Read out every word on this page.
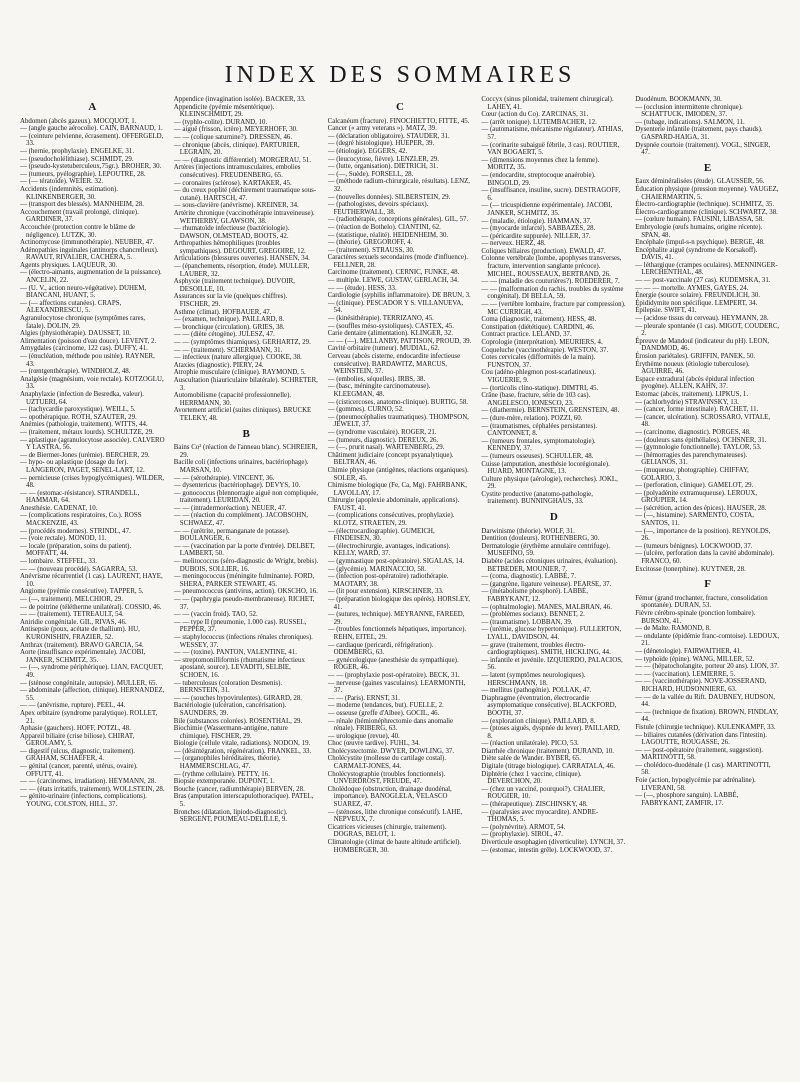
INDEX DES SOMMAIRES
A

Abdomen (abcès gazeux). MOCQUOT, 1.

— (angle gauche aérocolie). CAIN, BARNAUD, 1.

— (ceinture pelvienne, écrasement). OFFERGELD, 33.

— (hernie, prophylaxie). ENGELKE, 31.

— (pseudocholélithiase). SCHMIDT, 29.

— (pseudo-kystetuberculeux,75gr.). BROHER, 30.

— (tumeurs, pyélographie). LEPOUTRE, 28.

— (— tératoïde). WEIER. 32.

Accidents (indemnités, estimation). KLINKENBERGER, 30.

— (transport des blessés). MANNHEIM, 28.

Accouchement (travail prolongé, clinique). GARDINER, 37.

Accouchée (protection contre le blâme de négligence). LUTZK, 30.

Actinomycose (immunothérapie). NEUBER, 47.

Adénopathies inguinales (antinorps chancrelleux). RAVAUT, RIVALIER, CACHERA, 5.

Agents physiques. LAQUEUR, 30.

— (électro-aimants, augmentation de la puissance). ANCELIN, 22.

— (U. V., action neuro-végétative). DUHEM, BIANCANI, HUANT, 5.

— (— affections cutanées). CRAPS, ALEXANDRESCU, 5.

Agranulocytose chronique (symptômes rares, fatale). DOLIN, 29.

Algies (physiothérapie). DAUSSET, 10.

Alimentation (poisson d'eau douce). LEVENT, 2.

Amygdales (carcinome, 122 cas). DUFFY, 41.

— (énucléation, méthode pou usitée). RAYNER, 43.

— (rœntgenthérapie). WINDHOLZ, 48.

Analgésie (magnésium, voie rectale). KOTZOGLU, 33.

Anaphylaxie (infection de Besredka, valeur). UZTUERI, 64.

— (tachycardie paroxystique). WEILL, 5.

— opothérapique. ROTH, SZAUTER, 29.

Anémies (pathologie, traitement). WITTS, 44.

— (traitement, métaux lourds). SCHULTZE, 29.

— aplastique (agranulocytose associée). CALVERO Y LASTRA, 56.

— de Biermer-Jones (urémie). BERCHER, 29.

— hypo- ou aplastique (dosage du fer). LANGERON, PAGET, SENEL-LART, 12.

— pernicieuse (crises hypoglycémiques). WILDER, 48.

— — (estomac-résistance). STRANDELL, HAMMAR, 64.

Anesthésie. CADENAT, 10.

— (complications respiratoires, Co.). ROSS MACKENZIE, 43.

— (procédés modernes). STRINDL, 47.

— (voie rectale). MONOD, 11.

— locale (préparation, soins du patient). MOFFATT, 44.

— lombaire. STEFFEL, 33.

— — (nouveau procédé). SAGARRA, 53.

Anévrisme récurrentiel (1 cas). LAURENT, HAYE, 10.

Angiome (pyémie consécutive). TAPPER, 5.

— (—, traitement). MELCHIOR, 29.

— de poitrine (télétherme unilatéral). COSSIO, 46.

— — (traitement). TETREAULT, 54.

Aniridie congénitale. GIL, RIVAS, 46.

Antisepsie (poux, acétate de thallium). HU, KURONISHIN, FRAZIER, 52.

Anthrax (traitement). BRAVO GARCIA, 54.

Aorte (insuffisance expérimentale). JACOBI, JANKER, SCHMITZ, 35.

— (—, syndrome périphérique). LIAN, FACQUET, 49.

— (sténose congénitale, autopsie). MULLER, 65.

— abdominale (affection, clinique). HERNANDEZ, 55.

— — (anévrisme, rupture). PEEL, 44.

Apex orbitaire (syndrome paralytique). ROLLET, 21.

Aphasie (gauchers). HOFF, POTZL, 48.

Appareil biliaire (crise biliose). CHIRAT, GEROLAMY, 5.

— digestif (ulcus, diagnostic, traitement). GRAHAM, SCHAEFER, 4.

— génital (cancer, parenté, utérus, ovaire). OFFUTT, 41.

— — (carcinomes, irradiation). HEYMANN, 28.

— — (états irritatifs, traitement). WOLLSTEIN, 28.

— génito-urinaire (infections, complications). YOUNG, COLSTON, HILL, 37.

Appendice (invagination isolée). BACKER, 33.

Appendicite (pyémie mésentérique). KLEINSCHMIDT, 29.

— (typhlo-colite). DURAND, 10.

— aiguë (frisson, ictère). MEYERHOFF, 30.

— — (colique saturnine?). DRESSEN, 46.

— chronique (abcès, clinique). PARTURIER, LEGRAIN, 20.

— — (diagnostic différentiel). MORGERAU, 51.

Artères (injections intramusculaires, embolies consécutives). FREUDENBERG, 65.

— coronaires (sclérose). KARTAKER, 45.

— du creux poplité (déchirement traumatique sous-cutané). HARTSCH, 47.

— sous-clavière (anévrisme). KREINER, 34.

Artérite chronique (vaccinothérapie intraveineuse). WETHERBY, GLAWSON, 38.

— rhumatoïde infectieuse (bactériologie). DAWSON, OLMSTEAD, BOOTS, 42.

Arthropathies hémophiliques (troubles sympathiques). DEGOURT, GREGOIRE, 12.

Articulations (blessures ouvertes). HANSEN, 34.

— (épanchements, résorption, étude). MULLER, LAUBER, 32.

Asphyxie (traitement technique). DUVOIR, DESOILLE, 10.

Assurances sur la vie (quelques chiffres). FISCHER, 29.

Asthme (climat). HOFBAUER, 47.

— (examen, technique). PAILLARD, 8.

— bronchique (circulation). GRIES, 38.

— — (diète cétogène). JULESZ, 47.

— — (symptômes thiamiques). GERHARTZ, 29.

— — (traitement). SCHERMANN, 31.

— infectieux (nature allergique). COOKE, 38.

Ataxies (diagnostic). PIERY, 24.

Atrophie musculaire (clinique). RAYMOND, 5.

Auscultation (hiauriculaire bilatérale). SCHRETER, 3.

Automobilisme (capacité professionnelle). HERRMANN, 30.

Avortement artificiel (suites cliniques). BRUCKE TELEKY, 48.

B

Bains Co² (réaction de l'anneau blanc). SCHREIER, 29.

Bacille coli (infections urinaires, bactériophage). MARSAN, 10.

— — (sérothérapie). VINCENT, 36.

— dysentericus (bactériophage). DEVYS, 10.

— gonococcus (blennorragie aiguë non compliquée, traitement). LEURIDAN, 20.

— — (intradermoréaction). NEUER, 47.

— — (réaction du complément). JACOBSOHN, SCHWAEZ, 47.

— — (urétrite, permanganate de potasse). BOULANGER, 6.

— — (vaccination par la porte d'entrée). DELBET, LAMBERT, 50.

— melitococcus (séro-diagnostic de Wright, brebis). DUBOIS, SOLLIER, 16.

— meningococcus (méningite fulminante). FORD, SHERA, PARKER STEWART, 45.

— pneumococcus (antivirus, action). OKSCHO, 16.

— — (paphrygia pseudo-membraneuse). RICHET, 37.

— — (vaccin froid). TAO, 52.

— — type II (pneumonie, 1.000 cas). RUSSEL, PEPPER, 37.

— staphylococcus (infections rénales chroniques). WESSEY, 37.

— — (toxine). PANTON, VALENTINE, 41.

— streptomonilliformis (rhumatisme infectieux apostané, source). LEVADITI, SELBIE, SCHOEN, 16.

— tuberculosus (coloration Desmenis). BERNSTEIN, 31.

— — (souches hypovirulentes). GIRARD, 28.

Bactériologie (ulcération, cancérisation). SAUNDERS, 39.

Bile (substances colorées). ROSENTHAL, 29.

Biochimie (Wassermann-antigène, nature chimique). FISCHER, 29.

Biologie (cellule vitale, radiations). NODON, 19.

— (désintégration, régénération). FRANKEL, 33.

— (organophiles héréditaires, théorie). HAMMERSCHLAG, 47.

— (rythme cellulaire). PETTY, 16.

Biopsie extemporanée. DUPONT, 1.

Bouche (cancer, radiumthérapie) BERVEN, 28.

Bras (amputation interscapulothoracique). PATEL, 5.

Bronches (dilatation, lipiodo-diagnostic). SERGENT, POUMEAU-DELILLE, 9.

C

Calcanéum (fracture). FINOCHIETTO, FITTE, 45.

Cancer (« army veterans »). MATZ, 39.

— (déclaration obligatoire). STAUDER, 31.

— (degré histologique). HUEPER, 39.

— (étiologie). EGGERS, 42.

— (leucocytose, fièvre). LENZLER, 29.

— (lutte, organisation). DIETRICH, 31.

— (—, Suède). FORSELL, 28.

— (méthode radium-chirurgicale, résultats). LENZ, 32.

— (nouvelles données). SILBERSTEIN, 29.

— (pathologistes, devoirs spéciaux). FEUTHERWALL, 38.

— (radiothérapie, conceptions générales). GIL, 57.

— (réaction de Bothelo). CIANTINI, 62.

— (statistique, réalité). HEIDENHEIM, 30.

— (théorie). GREGOROFF, 4.

— (traitement). STRAUSS, 30.

Caractères sexuels secondaires (mode d'influence). FELLNER, 28.

Carcinome (traitement). CERNIC, FUNKE, 48.

— multiple. LEWE, GUSTAV, GERLACH, 34.

— — (étude). HESS, 33.

Cardiologie (syphilis inflammatoire). DE BRUN, 3.

— (clinique). PESCADOR Y S. VILLANUEVA, 54.

— (kinésithérapie). TERRIZANO, 45.

— (souffles méso-systoliques). CASTEX, 45.

Carie dentaire (alimentation). KLINGER, 32.

— — (—). MELLANBY, PATTISON, PROUD, 39.

Cavité orbitaire (tumeur). MUDIAL, 62.

Cerveau (abcès cisterne, endocardite infectieuse consécutive). BARDAWITZ, MARCUS, WEINSTEIN, 37.

— (embolies, séquelles). IRBS, 38.

— (basc, méningite carcinomateuse). KLEEGMAN, 48.

— (cisticercoses, anatomo-clinique). BURTIG, 58.

— (gommes). CURNO, 52.

— (pneumocéphalies traumatiques). THOMPSON, JEWELT, 37.

— (syndrome vasculaire). ROGER, 21.

— (tumeurs, diagnostic). DEREUX, 26.

— (—, prurit nasal). WARTENBERG, 29.

Châtiment judiciaire (concept psyanalytique). BELTRAN, 46.

Chimie physique (antigènes, réactions organiques). SOLER, 45.

Chimisme biologique (Fe, Ca, Mg). FAHRBANK, LAVOLLAY, 17.

Chirurgie (apoplexie abdominale, applications). FAUST, 41.

— (complications consécutives, prophylaxie). KLOTZ, STRAETEN, 29.

— (électrocardiographie). GUMEICH, FINDEISEN, 30.

— (électrochirurgie, avantages, indications). KELLY, WARD, 37.

— (gymnastique post-opératoire). SIGALAS, 14.

— (glycémie). MARINACCIO, 58.

— (infection post-opératoire) radiothérapie. MAOTARY, 38.

— (lit pour extension). KIRSCHNER, 33.

— (préparation biologique des opérés). HORSLEY, 41.

— (sutures, technique). MEYRANNE, FAREED, 29.

— (troubles fonctionnels hépatiques, importance). REHN, EITEL, 29.

— cardiaque (pericardi, réfrigération). ODEMBERG, 63.

— gynécologique (anesthésie du sympathique). ROGER, 46.

— — (prophylaxie post-opératoire). BECK, 31.

— nerveuse (gaines vasculaires). LEARMONTH, 37.

— — (Paris). ERNST, 31.

— moderne (tendances, but). FUELLE, 2.

— osseuse (greffe d'Albee). GOCIL, 46.

— rénale (hémionéphrectomie dans anomalie rénale). FRIBERG, 63.

— urologique (revue), 40.

Choc (œuvre tardive). FUHL, 34.

Cholécystectomie. DWYER, DOWLING, 37.

Cholécystite (mollesse du cartilage costal). CARMALT-JONES, 44.

Cholécystographie (troubles fonctionnels). UNVERDROST, FREUDE, 47.

Cholédoque (obstruction, drainage duodénal, importance). BANOGLELA, VELASCO SUAREZ, 47.

— (sténoses, lithe chronique consécutif). LAHE, NEPVEUX, 7.

Cicatrices vicieuses (chirurgie, traitement). DOGRAS, BELOT, 1.

Climatologie (climat de haute altitude artificiel). HOMBERGER, 30.

Coccyx (sinus pilonidal, traitement chirurgical). LAHEY, 41.

Cœur (action du Co). ZARCINAS, 31.

— (arrêt tonique). LUTEMBACHER, 12.

— (automatisme, mécanisme régulateur). ATHIAS, 57.

— (corinarite subaiguë fébrile, 3 cas). ROUTIER, VAN BOGAERT, 5.

— (dimensions moyennes chez la femme). MORITZ, 35.

— (endocardite, streptocoque anaérobie). BINGOLD, 29.

— (insuffisance, insuline, sucre). DESTRAGOFF, 6.

— (— tricuspidienne expérimentale). JACOBI, JANKER, SCHMITZ, 35.

— (maladie, étiologie). HAMMAN, 37.

— (myocarde infarcté). SABBAZÈS, 28.

— (péricardite suppurée). NILLER, 37.

— nerveux. HERZ, 48.

Coliques biliaires (production). EWALD, 47.

Colonne vertébrale (lombe, apophyses transverses, fracture, intervention sanglante précoce). MICHEL, ROUSSEAUX, BERTRAND, 26.

— — (maladie des couturières?). ROEDERER, 7.

— — (malformation du rachis, troubles du système congénital). DI BELLA, 59.

— — (vertèbre lombaire, fracture par compression). MC CURRIGH, 43.

Coma (diagnostic, traitement). HESS, 48.

Constipation (diététique). CARDINI, 46.

Contract practice. LELAND, 37.

Coprologie (interprétation). MEURIERS, 4.

Coqueluche (vaccinothérapie). WESTON, 37.

Cotes cervicales (difformités de la main). FUNSTON, 37.

Cou (adéno-phlegmon post-scarlatineux). VIGUERIE, 9.

— (torticolis clino-statique). DIMTRI, 45.

Crâne (base, fracture, série de 103 cas). ANGELESCO, IONESCO, 23.

— (diathermie). BERNSTEIN, GRENSTEIN, 48.

— (dure-mère, relation). POZZI, 60.

— (traumatismes, céphalées persistantes). CANTONNET, 8.

— (tumeurs frontales, symptomatologie). KENNEDY, 37.

— (tumeurs osseuses). SCHULLER, 48.

Cuisse (amputation, anesthésie locorégionale). HUARD, MONTAGNE, 13.

Culture physique (aérologie), recherches). JOKL, 29.

Cystite productive (anatomo-pathologie, traitement). BUNNINGHAUS, 33.

D

Darwinisme (théorie). WOLF, 31.

Dentition (douleurs). ROTHENBERG, 30.

Dermatologie (érythème annulaire centrifuge). MUSEFINO, 59.

Diabète (acides cétoniques urinaires, évaluation). BETBEDER, MOUNIER, 7.

— (coma, diagnostic). LABBÉ, 7.

— (gangrène, ligature veineuse). PEARSE, 37.

— (métabolisme phosphoré). LABBÉ, FABRYKANT, 12.

— (ophtalmologie). MANES, MALBRAN, 46.

— (problèmes sociaux). BENNET, 2.

— (traumatisme). LOBBAN, 39.

— (urémie, glucose hypertonique). FULLERTON, LYALL, DAVIDSON, 44.

— grave (traitement, troubles électro-cardiographiques). SMITH, HICKLING, 44.

— infantile et juvénile. IZQUIERDO, PALACIOS, 56.

— latent (symptômes neurologiques). HERSCHMANN, 18.

— mellitus (pathogénie). POLLAK, 47.

Diaphragme (éventration, électrocardie asymptomatique consécutive). BLACKFORD, BOOTH, 37.

— (exploration clinique). PAILLARD, 8.

— (ptoses aiguës, dyspnée du lever). PAILLARD, 8.

— (réaction unilatérale). PICO, 53.

Diarrhée chronique (traitement). DURAND, 10.

Diète salée de Wander. BYBER, 65.

Digitale (titrage biologique). CARRATALA, 46.

Diphtérie (chez 1 vaccine, clinique). DEVERCHON, 20.

— (chez un vacciné, pourquoi?). CHALIER, ROUGIER, 10.

— (thérapeutique). ZISCHINSKY, 48.

— (paralysies avec myocardite). ANDRE-THOMAS, 5.

— (polynévrite). ARMOT, 54.

— (prophylaxie). SIROL, 47.

Diverticule œsophagien (diverticulite). LYNCH, 37.

— (estomac, intestin grêle). LOCKWOOD, 37.

Duodénum. BOOKMANN, 30.

— (occlusion intermittente chronique). SCHATTUCK, IMIODEN, 37.

— (tubage, indications). SALMON, 11.

Dysenterie infantile (traitement, pays chauds). GASPARD-HAIGA, 31.

Dyspnée courtoie (traitement). VOGL, SINGER, 47.

E

Eaux déminéralisées (étude). GLAUSSER, 56.

Éducation physique (pression moyenne). VAUGEZ, CHAIERMARTIN, 5.

Électro-cardiographie (technique). SCHMITZ, 35.

Électro-cardiogramme (clinique). SCHWARTZ, 38.

— (cœlure humain). FAUSINI, LIBASSA, 58.

Embryologie (œufs humains, origine récente). SPAN, 48.

Encéphale (impul-s-n psychique). BERGE, 48.

Encéphalite aiguë (syndrome de Korsakoff). DAVIS, 41.

— léthargique (crampes oculaires). MENNINGER-LERCHENTHAL, 48.

— — post-vaccinale (27 cas). KUDEMSKA, 31.

— — — mortelle. AYMES, GAYES, 24.

Énergie (source solaire). FREUNDLICH, 30.

Épididymite non spécifique. LEMPERT, 34.

Épilepsie. SWIFT, 41.

— (acidose tissus du cerveau). HEYMANN, 28.

— pleurale spontanée (1 cas). MIGOT, COUDERC, 2.

Épreuve de Mandoul (indicateur du pH). LEON, DANDMOD, 46.

Érosion pariétales). GRIFFIN, PANEK, 50.

Érythème noueux (étiologie tuberculose). AGUIRRE, 46.

Espace extradural (abcès épidural infection pyogène). ALLEN, KAHN, 37.

Estomac (abcès, traitement). LIPKUS, 1.

— (achlorhydrie) STRAVINSKY, 13.

— (cancer, forme intestinale). RACHET, 11.

— (cancer, ulcération). SCROSSARO, VITALE, 48.

— (carcinome, diagnostic). PORGES, 48.

— (douleurs sans épithéliales). OCHSNER, 31.

— (gymnologie fonctionnelle). TAYLOR, 53.

— (hémorragies des parenchymateuses). GELIANOS, 31.

— (muqueuse, photographie). CHIFFAY, GOLARIO, 3.

— (perforation, clinique). GAMELOT, 29.

— (polyadénite extramuqueuse). LEROUX, GROUPIER, 14.

— (sécrétion, action des épices). HAUSER, 28.

— (—, histamine). SARMENTO, COSTA, SANTOS, 11.

— (—, importance de la position). REYNOLDS, 26.

— (tumeurs bénignes). LOCKWOOD, 37.

— (ulcère, perforation dans la cavité abdominale). FRANCO, 60.

Excitosse (tonerphine). KUYTNER, 28.

F

Fémur (grand trochanter, fracture, consolidation spontanée). DURAN, 53.

Fièvre cérébro-spinale (ponction lombaire). BURSON, 41.

— de Malte. RAMOND, 8.

— ondulante (épidémie franc-comtoise). LEDOUX, 21.

— (dénetologie). FAIRWAITHER, 41.

— typhoïde (épine). WANG, MILLER, 52.

— — (hépatocholangite, porteur 20 ans). LION, 37.

— — (vaccination). LEMIERRE, 5.

— — (vaccinothérapie). NOVE-JOSSERAND, RICHARD, HUDSONNIERE, 63.

— — de la vallée du Rift. DAUBNEY, HUDSON, 44.

— — (technique de fixation). BROWN, FINDLAY, 44.

Fistule (chirurgie technique). KULENKAMPF, 33.

— biliaires cutanées (dérivation dans l'intestin). LAGOUTTE, ROUGASSE, 26.

— — post-opératoire (traitement, suggestion). MARTINOTTI, 58.

— cholédoco-duodénale (1 cas). MARTINOTTI, 58.

Foie (action, hypoglycémie par adrénaline). LIVERANI, 58.

— (—, phosphore sanguin). LABBÉ, FABRYKANT, ZAMFIR, 17.
